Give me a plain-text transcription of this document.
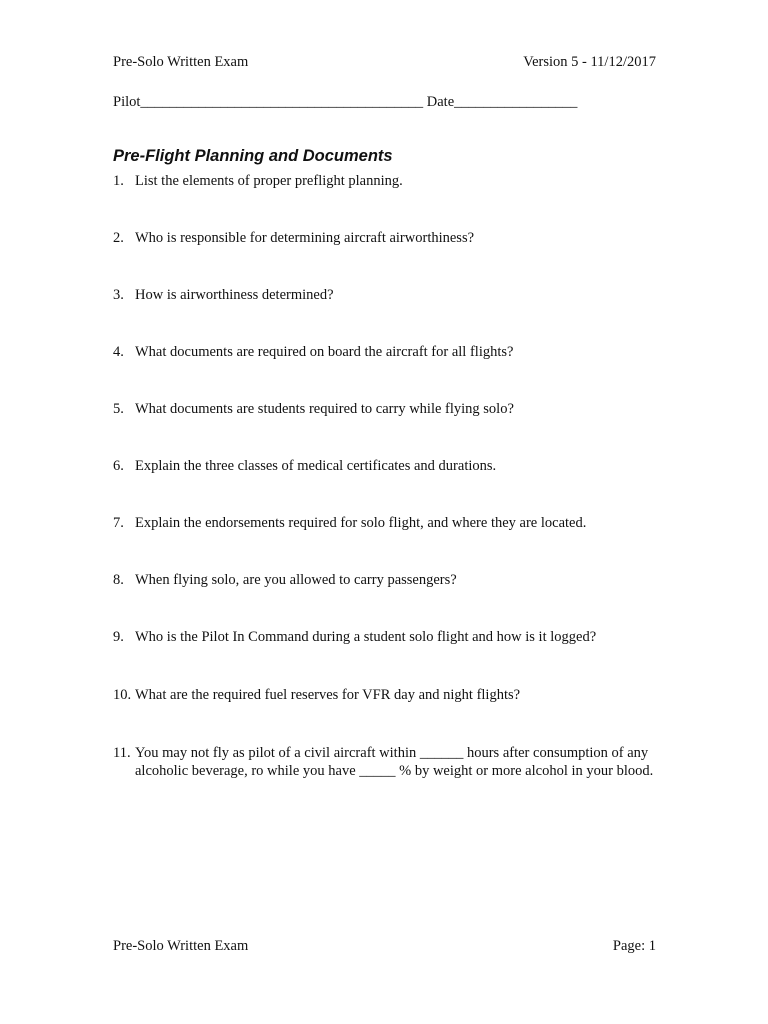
Pre-Solo Written Exam	Version 5 - 11/12/2017
Pilot_______________________________________ Date_________________
Pre-Flight Planning and Documents
1. List the elements of proper preflight planning.
2. Who is responsible for determining aircraft airworthiness?
3. How is airworthiness determined?
4. What documents are required on board the aircraft for all flights?
5. What documents are students required to carry while flying solo?
6. Explain the three classes of medical certificates and durations.
7. Explain the endorsements required for solo flight, and where they are located.
8. When flying solo, are you allowed to carry passengers?
9. Who is the Pilot In Command during a student solo flight and how is it logged?
10. What are the required fuel reserves for VFR day and night flights?
11. You may not fly as pilot of a civil aircraft within ______ hours after consumption of any alcoholic beverage, ro while you have _____ % by weight or more alcohol in your blood.
Pre-Solo Written Exam	Page: 1
